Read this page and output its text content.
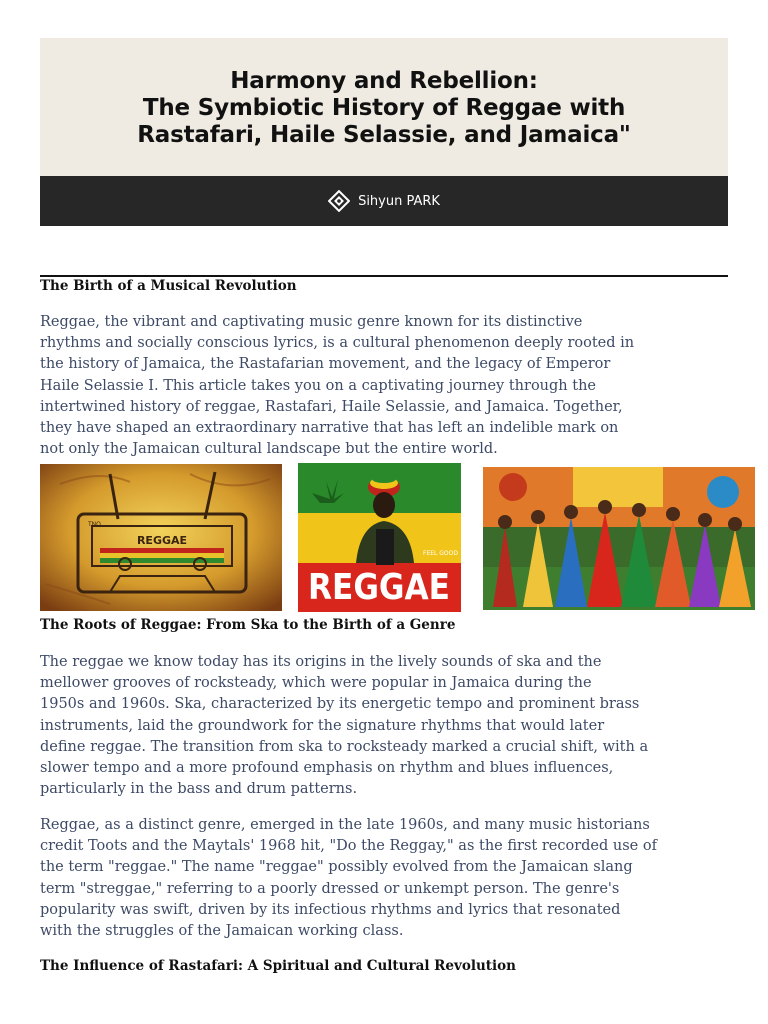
Harmony and Rebellion:
The Symbiotic History of Reggae with
Rastafari, Haile Selassie, and Jamaica"
Sihyun PARK
The Birth of a Musical Revolution
Reggae, the vibrant and captivating music genre known for its distinctive
rhythms and socially conscious lyrics, is a cultural phenomenon deeply rooted in
the history of Jamaica, the Rastafarian movement, and the legacy of Emperor
Haile Selassie I. This article takes you on a captivating journey through the
intertwined history of reggae, Rastafari, Haile Selassie, and Jamaica. Together,
they have shaped an extraordinary narrative that has left an indelible mark on
not only the Jamaican cultural landscape but the entire world.
REGGAE
TNQ
FEEL GOOD
REGGAE
The Roots of Reggae: From Ska to the Birth of a Genre
The reggae we know today has its origins in the lively sounds of ska and the
mellower grooves of rocksteady, which were popular in Jamaica during the
1950s and 1960s. Ska, characterized by its energetic tempo and prominent brass
instruments, laid the groundwork for the signature rhythms that would later
define reggae. The transition from ska to rocksteady marked a crucial shift, with a
slower tempo and a more profound emphasis on rhythm and blues influences,
particularly in the bass and drum patterns.
Reggae, as a distinct genre, emerged in the late 1960s, and many music historians
credit Toots and the Maytals' 1968 hit, "Do the Reggay," as the first recorded use of
the term "reggae." The name "reggae" possibly evolved from the Jamaican slang
term "streggae," referring to a poorly dressed or unkempt person. The genre's
popularity was swift, driven by its infectious rhythms and lyrics that resonated
with the struggles of the Jamaican working class.
The Influence of Rastafari: A Spiritual and Cultural Revolution
